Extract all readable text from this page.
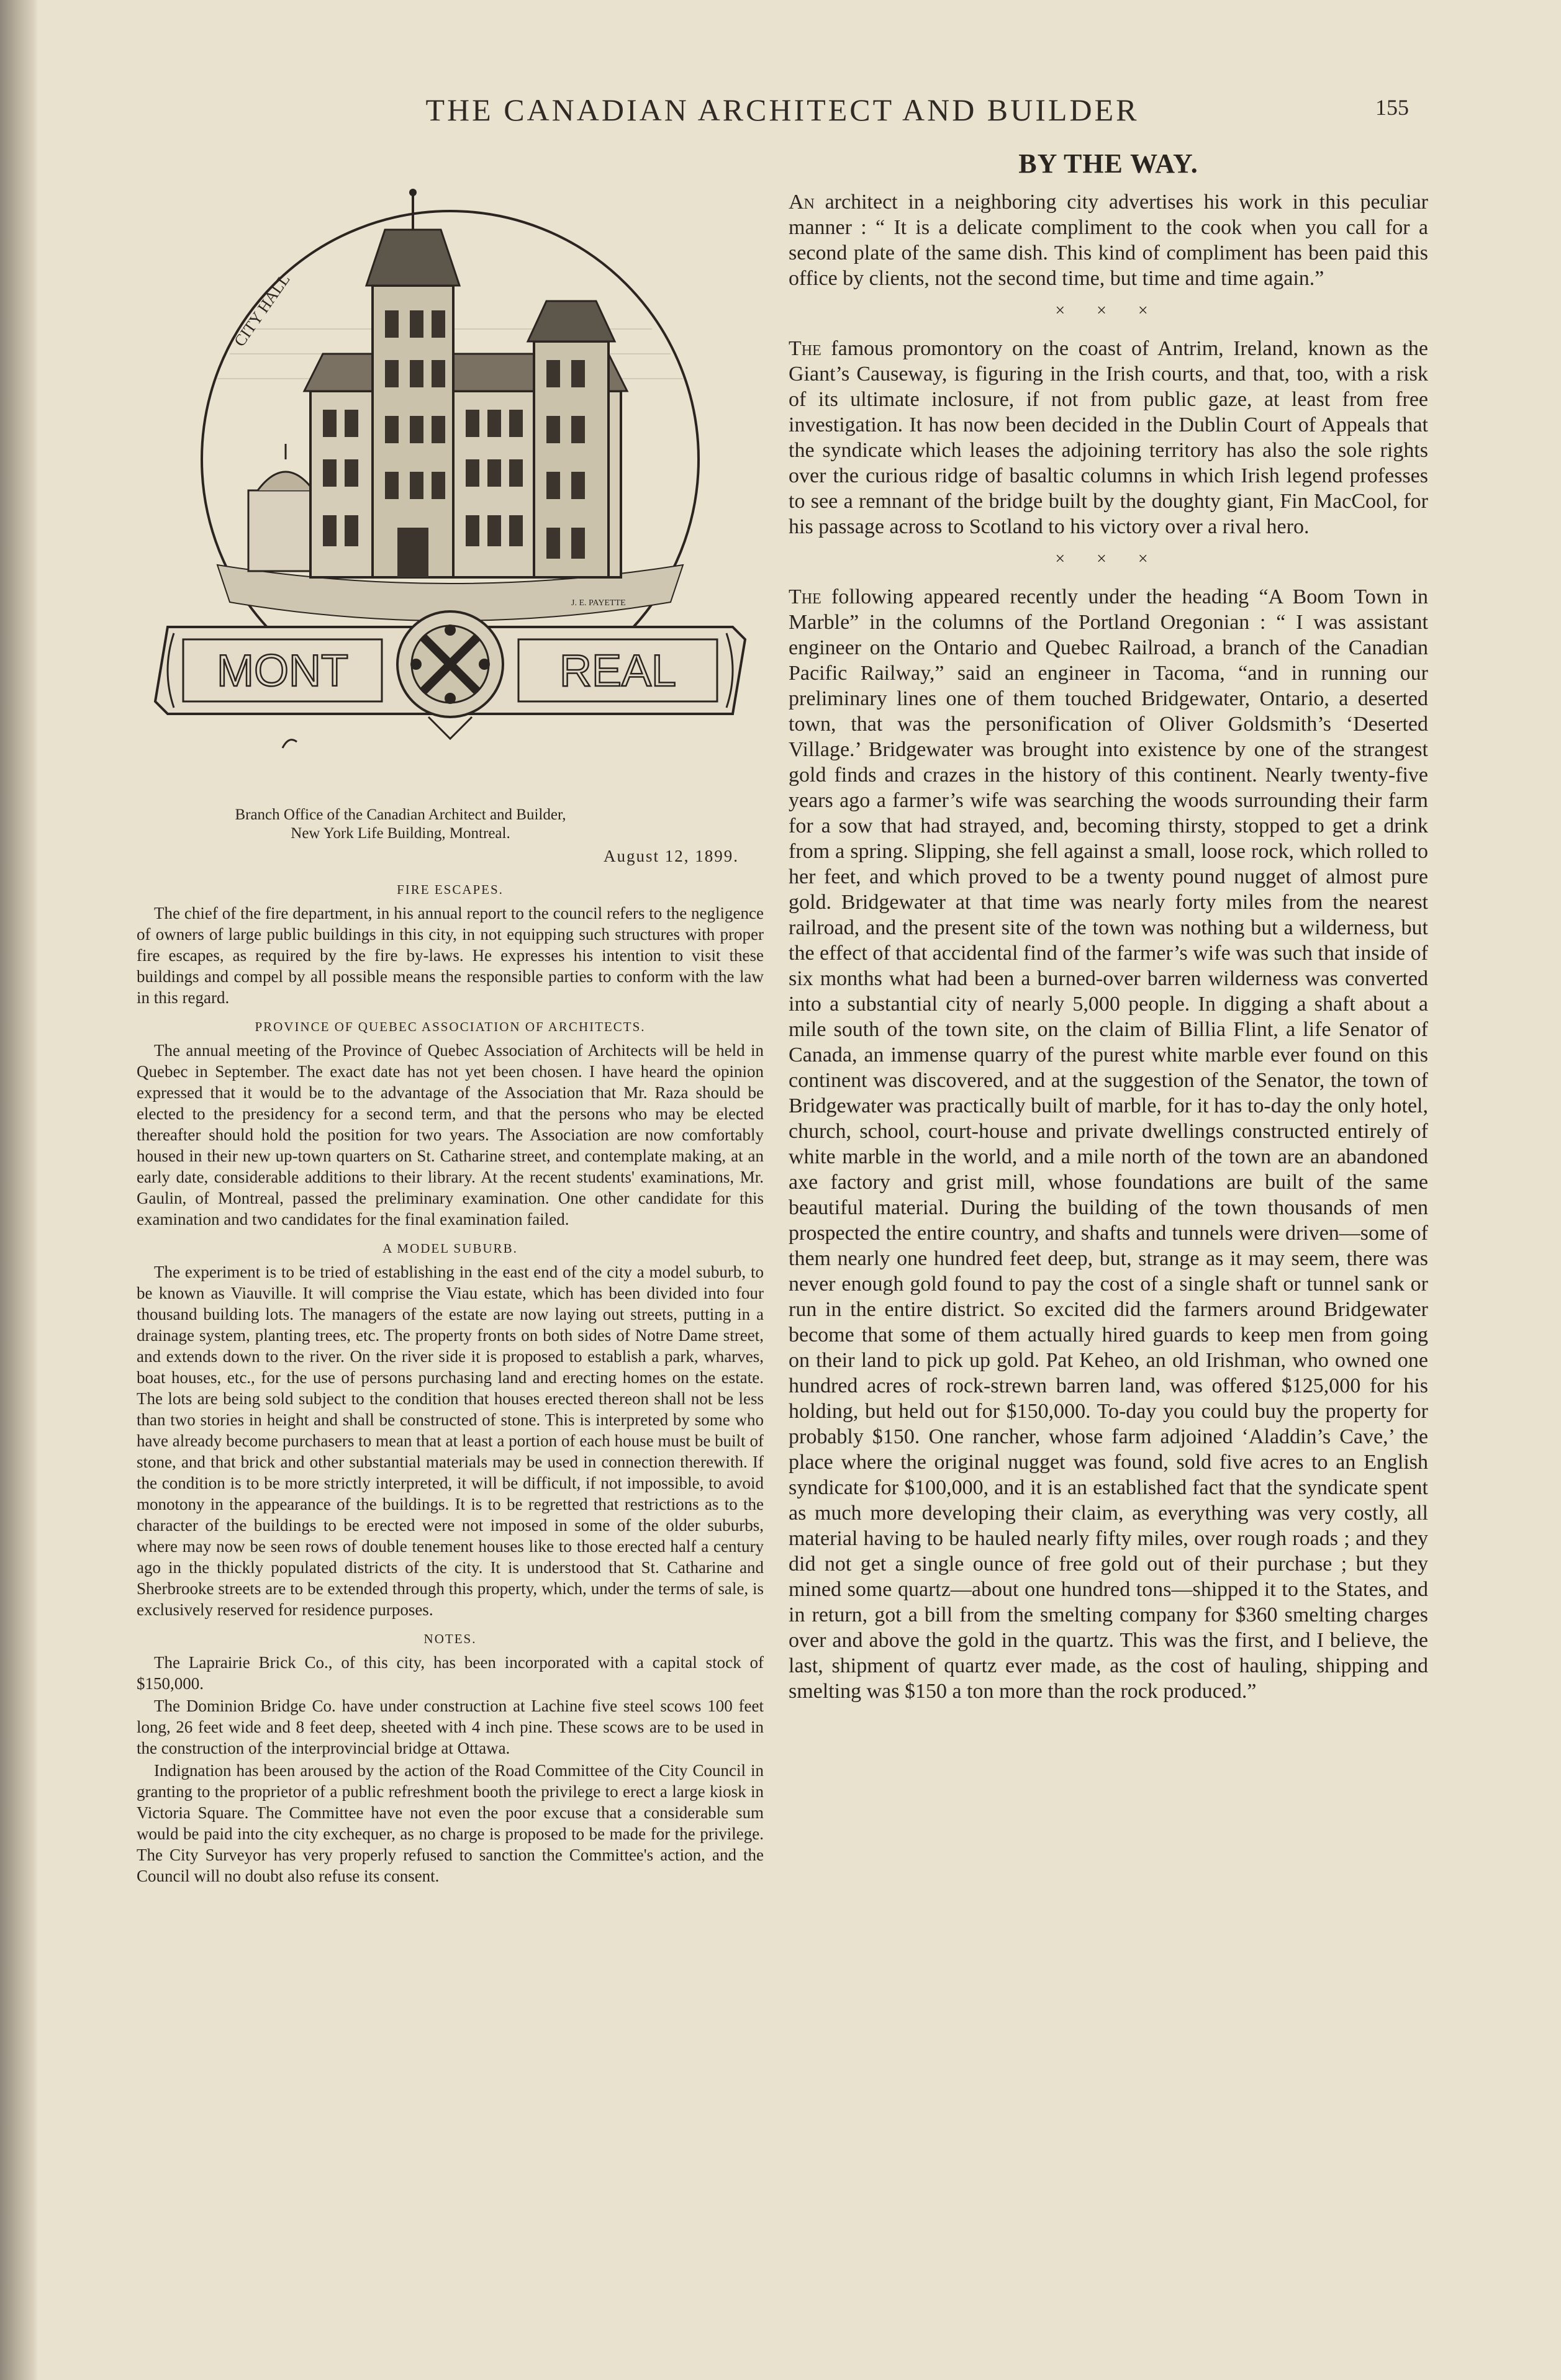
THE CANADIAN ARCHITECT AND BUILDER	155
CITY HALL
J. E. PAYETTE
MONT	REAL
Branch Office of the Canadian Architect and Builder,
New York Life Building, Montreal.
August 12, 1899.
FIRE ESCAPES.

The chief of the fire department, in his annual report to the council refers to the negligence of owners of large public buildings in this city, in not equipping such structures with proper fire escapes, as required by the fire by-laws. He expresses his intention to visit these buildings and compel by all possible means the responsible parties to conform with the law in this regard.

PROVINCE OF QUEBEC ASSOCIATION OF ARCHITECTS.

The annual meeting of the Province of Quebec Association of Architects will be held in Quebec in September. The exact date has not yet been chosen. I have heard the opinion expressed that it would be to the advantage of the Association that Mr. Raza should be elected to the presidency for a second term, and that the persons who may be elected thereafter should hold the position for two years. The Association are now comfortably housed in their new up-town quarters on St. Catharine street, and contemplate making, at an early date, considerable additions to their library. At the recent students' examinations, Mr. Gaulin, of Montreal, passed the preliminary examination. One other candidate for this examination and two candidates for the final examination failed.

A MODEL SUBURB.

The experiment is to be tried of establishing in the east end of the city a model suburb, to be known as Viauville. It will comprise the Viau estate, which has been divided into four thousand building lots. The managers of the estate are now laying out streets, putting in a drainage system, planting trees, etc. The property fronts on both sides of Notre Dame street, and extends down to the river. On the river side it is proposed to establish a park, wharves, boat houses, etc., for the use of persons purchasing land and erecting homes on the estate. The lots are being sold subject to the condition that houses erected thereon shall not be less than two stories in height and shall be constructed of stone. This is interpreted by some who have already become purchasers to mean that at least a portion of each house must be built of stone, and that brick and other substantial materials may be used in connection therewith. If the condition is to be more strictly interpreted, it will be difficult, if not impossible, to avoid monotony in the appearance of the buildings. It is to be regretted that restrictions as to the character of the buildings to be erected were not imposed in some of the older suburbs, where may now be seen rows of double tenement houses like to those erected half a century ago in the thickly populated districts of the city. It is understood that St. Catharine and Sherbrooke streets are to be extended through this property, which, under the terms of sale, is exclusively reserved for residence purposes.

NOTES.

The Laprairie Brick Co., of this city, has been incorporated with a capital stock of $150,000.

The Dominion Bridge Co. have under construction at Lachine five steel scows 100 feet long, 26 feet wide and 8 feet deep, sheeted with 4 inch pine. These scows are to be used in the construction of the interprovincial bridge at Ottawa.

Indignation has been aroused by the action of the Road Committee of the City Council in granting to the proprietor of a public refreshment booth the privilege to erect a large kiosk in Victoria Square. The Committee have not even the poor excuse that a considerable sum would be paid into the city exchequer, as no charge is proposed to be made for the privilege. The City Surveyor has very properly refused to sanction the Committee's action, and the Council will no doubt also refuse its consent.

BY THE WAY.

An architect in a neighboring city advertises his work in this peculiar manner : “ It is a delicate compliment to the cook when you call for a second plate of the same dish. This kind of compliment has been paid this office by clients, not the second time, but time and time again.”

× × ×

The famous promontory on the coast of Antrim, Ireland, known as the Giant’s Causeway, is figuring in the Irish courts, and that, too, with a risk of its ultimate inclosure, if not from public gaze, at least from free investigation. It has now been decided in the Dublin Court of Appeals that the syndicate which leases the adjoining territory has also the sole rights over the curious ridge of basaltic columns in which Irish legend professes to see a remnant of the bridge built by the doughty giant, Fin MacCool, for his passage across to Scotland to his victory over a rival hero.

× × ×

The following appeared recently under the heading “A Boom Town in Marble” in the columns of the Portland Oregonian : “ I was assistant engineer on the Ontario and Quebec Railroad, a branch of the Canadian Pacific Railway,” said an engineer in Tacoma, “and in running our preliminary lines one of them touched Bridgewater, Ontario, a deserted town, that was the personification of Oliver Goldsmith’s ‘Deserted Village.’ Bridgewater was brought into existence by one of the strangest gold finds and crazes in the history of this continent. Nearly twenty-five years ago a farmer’s wife was searching the woods surrounding their farm for a sow that had strayed, and, becoming thirsty, stopped to get a drink from a spring. Slipping, she fell against a small, loose rock, which rolled to her feet, and which proved to be a twenty pound nugget of almost pure gold. Bridgewater at that time was nearly forty miles from the nearest railroad, and the present site of the town was nothing but a wilderness, but the effect of that accidental find of the farmer’s wife was such that inside of six months what had been a burned-over barren wilderness was converted into a substantial city of nearly 5,000 people. In digging a shaft about a mile south of the town site, on the claim of Billia Flint, a life Senator of Canada, an immense quarry of the purest white marble ever found on this continent was discovered, and at the suggestion of the Senator, the town of Bridgewater was practically built of marble, for it has to-day the only hotel, church, school, court-house and private dwellings constructed entirely of white marble in the world, and a mile north of the town are an abandoned axe factory and grist mill, whose foundations are built of the same beautiful material. During the building of the town thousands of men prospected the entire country, and shafts and tunnels were driven—some of them nearly one hundred feet deep, but, strange as it may seem, there was never enough gold found to pay the cost of a single shaft or tunnel sank or run in the entire district. So excited did the farmers around Bridgewater become that some of them actually hired guards to keep men from going on their land to pick up gold. Pat Keheo, an old Irishman, who owned one hundred acres of rock-strewn barren land, was offered $125,000 for his holding, but held out for $150,000. To-day you could buy the property for probably $150. One rancher, whose farm adjoined ‘Aladdin’s Cave,’ the place where the original nugget was found, sold five acres to an English syndicate for $100,000, and it is an established fact that the syndicate spent as much more developing their claim, as everything was very costly, all material having to be hauled nearly fifty miles, over rough roads ; and they did not get a single ounce of free gold out of their purchase ; but they mined some quartz—about one hundred tons—shipped it to the States, and in return, got a bill from the smelting company for $360 smelting charges over and above the gold in the quartz. This was the first, and I believe, the last, shipment of quartz ever made, as the cost of hauling, shipping and smelting was $150 a ton more than the rock produced.”
